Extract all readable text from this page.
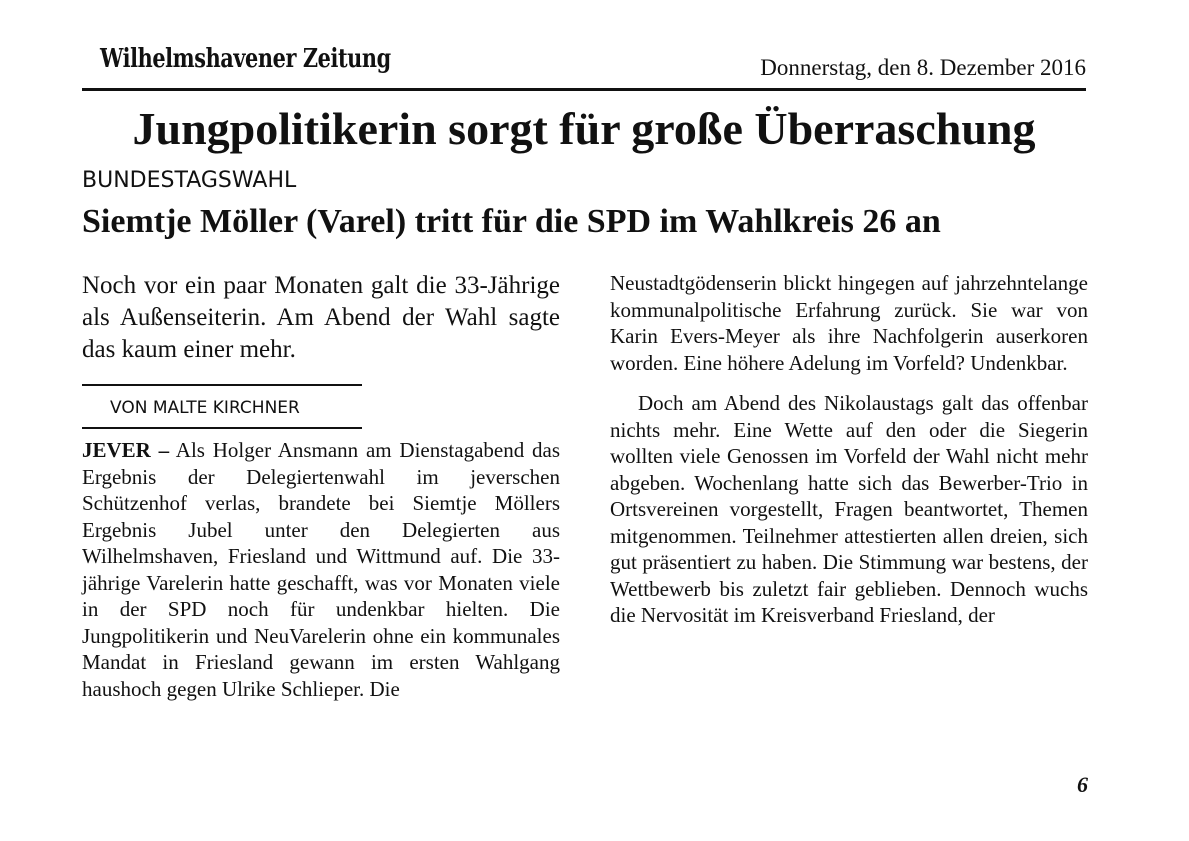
Wilhelmshavener Zeitung	Donnerstag, den 8. Dezember 2016
Jungpolitikerin sorgt für große Überraschung
BUNDESTAGSWAHL
Siemtje Möller (Varel) tritt für die SPD im Wahlkreis 26 an

Noch vor ein paar Monaten galt die 33-Jährige als Außenseiterin. Am Abend der Wahl sagte das kaum einer mehr.

VON MALTE KIRCHNER

JEVER – Als Holger Ansmann am Dienstagabend das Ergebnis der Delegiertenwahl im jeverschen Schützenhof verlas, brandete bei Siemtje Möllers Ergebnis Jubel unter den Delegierten aus Wilhelmshaven, Friesland und Wittmund auf. Die 33-jährige Varelerin hatte geschafft, was vor Monaten viele in der SPD noch für undenkbar hielten. Die Jungpolitikerin und NeuVarelerin ohne ein kommunales Mandat in Friesland gewann im ersten Wahlgang haushoch gegen Ulrike Schlieper. Die

Neustadtgödenserin blickt hingegen auf jahrzehntelange kommunalpolitische Erfahrung zurück. Sie war von Karin Evers-Meyer als ihre Nachfolgerin auserkoren worden. Eine höhere Adelung im Vorfeld? Undenkbar.

Doch am Abend des Nikolaustags galt das offenbar nichts mehr. Eine Wette auf den oder die Siegerin wollten viele Genossen im Vorfeld der Wahl nicht mehr abgeben. Wochenlang hatte sich das Bewerber-Trio in Ortsvereinen vorgestellt, Fragen beantwortet, Themen mitgenommen. Teilnehmer attestierten allen dreien, sich gut präsentiert zu haben. Die Stimmung war bestens, der Wettbewerb bis zuletzt fair geblieben. Dennoch wuchs die Nervosität im Kreisverband Friesland, der

6
